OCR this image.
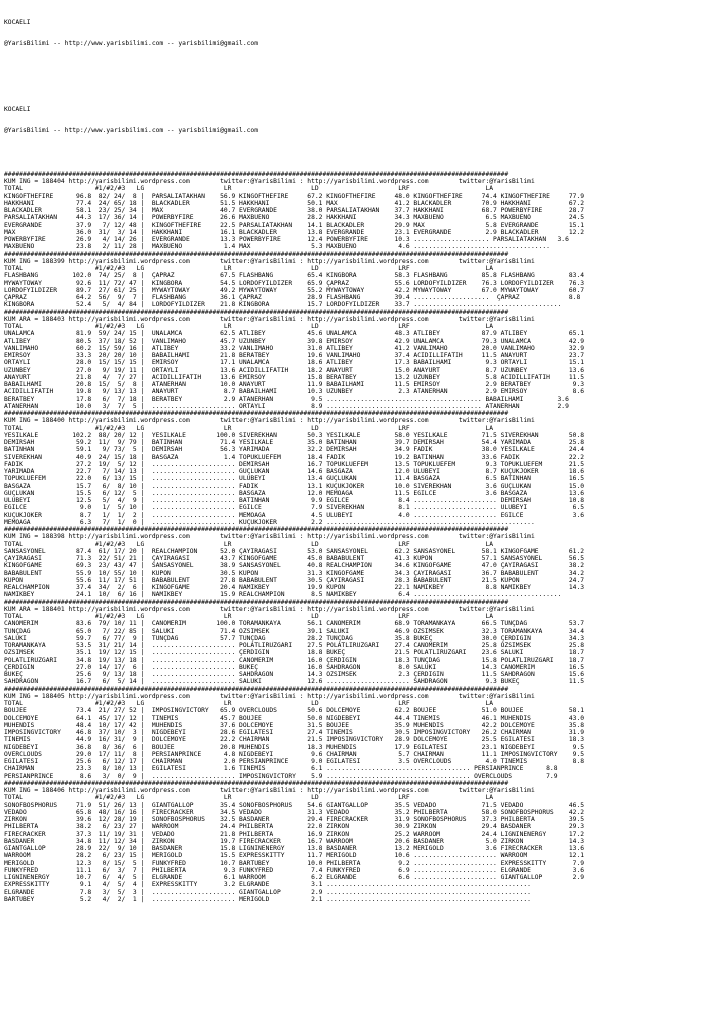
KOCAELI

@YarisBilimi -- http://www.yarisbilimi.com -- yarisbilimi@gmail.com

KOCAELI

@YarisBilimi -- http://www.yarisbilimi.com -- yarisbilimi@gmail.com

#####################################################################################################################################
KUM ING = 188404 http://yarisbilimi.wordpress.com        twitter:@YarisBilimi : http://yarisbilimi.wordpress.com        twitter:@YarisBilimi
TOTAL                   #1/#2/#3   LG                     LR                     LD                     LRF                    LA
KINGOFTHEFIRE      96.8  82/ 24/  8 |  PARSALIATAKHAN    56.9 KINGOFTHEFIRE     67.2 KINGOFTHEFIRE     48.0 KINGOFTHEFIRE     74.4 KINGOFTHEFIRE     77.9
HAKKHANI           77.4  24/ 65/ 18 |  BLACKADLER        51.5 HAKKHANI          50.1 MAX               41.2 BLACKADLER        70.9 HAKKHANI          67.2
BLACKADLER         58.1  23/ 25/ 34 |  MAX               40.7 EVERGRANDE        38.0 PARSALIATAKHAN    37.7 HAKKHANI          68.7 POWERBYFIRE       28.7
PARSALIATAKHAN     44.3  17/ 36/ 14 |  POWERBYFIRE       26.6 MAXBUENO          28.2 HAKKHANI          34.3 MAXBUENO           6.5 MAXBUENO          24.5
EVERGRANDE         37.9   7/ 12/ 48 |  KINGOFTHEFIRE     22.5 PARSALIATAKHAN    14.1 BLACKADLER        29.9 MAX                5.8 EVERGRANDE        15.1
MAX                36.0  31/  3/ 14 |  HAKKHANI          16.1 BLACKADLER        13.8 EVERGRANDE        23.1 EVERGRANDE         2.9 BLACKADLER        12.2
POWERBYFIRE        26.9   4/ 14/ 26 |  EVERGRANDE        13.3 POWERBYFIRE       12.4 POWERBYFIRE       10.3 .................... PARSALIATAKHAN   3.6
MAXBUENO           23.8   2/ 11/ 28 |  MAXBUENO           1.4 MAX                5.3 MAXBUENO           4.6 ....................................
#####################################################################################################################################
KUM ING = 188399 http://yarisbilimi.wordpress.com        twitter:@YarisBilimi : http://yarisbilimi.wordpress.com        twitter:@YarisBilimi
TOTAL                   #1/#2/#3   LG                     LR                     LD                     LRF                    LA
FLASHBANG         102.0  74/ 25/  8 |  ÇAPRAZ            67.5 FLASHBANG         65.4 KINGBORA          58.3 FLASHBANG         85.8 FLASHBANG         83.4
MYWAYTOWAY         92.6  11/ 72/ 47 |  KINGBORA          54.5 LORDOFYILDIZER    65.9 ÇAPRAZ            55.6 LORDOFYILDIZER    76.3 LORDOFYILDIZER    76.3
LORDOFYILDIZER     89.7  27/ 61/ 25 |  MYWAYTOWAY        49.2 MYWAYTOWAY        55.2 MYWAYTOWAY        42.2 MYWAYTOWAY        67.0 MYWAYTOWAY        60.7
ÇAPRAZ             64.2  56/  9/  7 |  FLASHBANG         36.1 ÇAPRAZ            28.9 FLASHBANG         39.4 ....................  ÇAPRAZ             8.8
KINGBORA           52.4   5/  4/ 84 |  LORDOFYILDIZER    21.8 KINGBORA          15.7 LORDOFYILDIZER    33.7 .......................................
#####################################################################################################################################
KUM ARA = 188403 http://yarisbilimi.wordpress.com        twitter:@YarisBilimi : http://yarisbilimi.wordpress.com        twitter:@YarisBilimi
TOTAL                   #1/#2/#3   LG                     LR                     LD                     LRF                    LA
ÜNALAMCA           81.9  59/ 24/ 15 |  ÜNALAMCA          62.5 ATLIBEY           45.6 ÜNALAMCA          48.3 ATLIBEY           87.9 ATLIBEY           65.1
ATLIBEY            80.5  37/ 18/ 52 |  VANLIMAHO         45.7 UZUNBEY           39.8 EMIRSOY           42.9 ÜNALAMCA          79.3 ÜNALAMCA          42.9
VANLIMAHO          60.2  15/ 59/ 16 |  ATLIBEY           33.2 VANLIMAHO         31.0 ATLIBEY           41.2 VANLIMAHO         20.0 VANLIMAHO         32.9
EMIRSOY            33.3  20/ 20/ 10 |  BABAILHAMI        21.8 BERATBEY          19.6 VANLIMAHO         37.4 ACIDILLIFATIH     11.5 ANAYURT           23.7
ORTAYLI            28.0  15/ 15/ 15 |  EMIRSOY           17.1 ÜNALAMCA          18.6 ATLIBEY           17.3 BABAILHAMI         9.3 ORTAYLI           15.1
UZUNBEY            27.0   9/ 19/ 11 |  ORTAYLI           13.6 ACIDILLIFATIH     18.2 ANAYURT           15.0 ANAYURT            8.7 UZUNBEY           13.6
ANAYURT            21.8   4/  7/ 27 |  ACIDILLIFATIH     13.6 EMIRSOY           15.8 BERATBEY          13.2 UZUNBEY            5.8 ACIDILLIFATIH     11.5
BABAILHAMI         20.8  15/  5/  8 |  ATANERHAN         10.0 ANAYURT           11.9 BABAILHAMI        11.5 EMIRSOY            2.9 BERATBEY           9.3
ACIDILLIFATIH      19.8   9/ 13/ 13 |  ANAYURT            8.7 BABAILHAMI        10.3 UZUNBEY            2.3 ATANERHAN          2.9 EMIRSOY            8.6
BERATBEY           17.8   6/  7/ 18 |  BERATBEY           2.9 ATANERHAN          9.5 ......................................... BABAILHAMI         3.6
ATANERHAN          10.0   3/  7/  5 |  ...................... ORTAYLI            8.9 ......................................... ATANERHAN          2.9
#####################################################################################################################################
KUM ING = 188400 http://yarisbilimi.wordpress.com        twitter:@YarisBilimi : http://yarisbilimi.wordpress.com        twitter:@YarisBilimi
TOTAL                   #1/#2/#3   LG                     LR                     LD                     LRF                    LA
YESILKALE         102.2  88/ 20/ 12 |  YESILKALE        100.0 SIVEREKHAN        50.3 YESILKALE         58.0 YESILKALE         71.5 SIVEREKHAN        50.8
DEMIRSAH           59.2  11/  9/ 79 |  BATINHAN          71.4 YESILKALE         35.0 BATINHAN          39.7 DEMIRSAH          54.4 YARIMADA          25.8
BATINHAN           59.1   9/ 73/  5 |  DEMIRSAH          56.3 YARIMADA          32.2 DEMIRSAH          34.9 FADIK             38.0 YESILKALE         24.4
SIVEREKHAN         40.9  24/ 15/ 18 |  BASGAZA            1.4 TOPUKLUEFEM       18.4 FADIK             19.2 BATINHAN          33.6 FADIK             22.2
FADIK              27.2  19/  5/ 12 |  ...................... DEMIRSAH          16.7 TOPUKLUEFEM       13.5 TOPUKLUEFEM        9.3 TOPUKLUEFEM       21.5
YARIMADA           22.7   7/ 14/ 13 |  ...................... GÜÇLÜKAN          14.6 BASGAZA           12.0 ULUBEYI            8.7 KÜÇÜKJOKER        18.6
TOPUKLUEFEM        22.0   6/ 13/ 15 |  ...................... ULUBEYI           13.4 GÜÇLÜKAN          11.4 BASGAZA            6.5 BATINHAN          16.5
BASGAZA            15.7   6/  8/ 10 |  ...................... FADIK             13.1 KÜÇÜKJOKER        10.0 SIVEREKHAN         3.6 GÜÇLÜKAN          15.0
GÜÇLÜKAN           15.5   6/ 12/  5 |  ...................... BASGAZA           12.0 MEMOAGA           11.5 EGILCE             3.6 BASGAZA           13.6
ULUBEYI            12.5   5/  4/  9 |  ...................... BATINHAN           9.9 EGILCE             8.4 ...................... DEMIRSAH          10.8
EGILCE              9.0   1/  5/ 10 |  ...................... EGILCE             7.9 SIVEREKHAN         8.1 ...................... ULUBEYI            6.5
KÜÇÜKJOKER          8.7   1/  1/  2 |  ...................... MEMOAGA            4.5 ULUBEYI            4.0 ...................... EGILCE             3.6
MEMOAGA             6.3   7/  1/  0 |  ...................... KÜÇÜKJOKER         2.2 .......................................................
#####################################################################################################################################
KUM ING = 188398 http://yarisbilimi.wordpress.com        twitter:@YarisBilimi : http://yarisbilimi.wordpress.com        twitter:@YarisBilimi
TOTAL                   #1/#2/#3   LG                     LR                     LD                     LRF                    LA
SANSASYONEL        87.4  61/ 17/ 20 |  REALCHAMPION      52.0 ÇAYIRAGASI        53.0 SANSASYONEL       62.2 SANSASYONEL       58.1 KINGOFGAME        61.2
ÇAYIRAGASI         71.3  22/ 51/ 21 |  ÇAYIRAGASI        43.7 KINGOFGAME        45.0 BABABÜLENT        41.3 KUPON             57.1 SANSASYONEL       56.5
KINGOFGAME         69.3  23/ 43/ 47 |  SANSASYONEL       38.9 SANSASYONEL       40.8 REALCHAMPION      34.6 KINGOFGAME        47.0 ÇAYIRAGASI        38.2
BABABÜLENT         55.9  10/ 55/ 10 |  KUPON             30.5 KUPON             31.3 KINGOFGAME        34.3 ÇAYIRAGASI        36.7 BABABÜLENT        34.2
KUPON              55.6  11/ 17/ 51 |  BABABÜLENT        27.8 BABABÜLENT        30.5 ÇAYIRAGASI        28.3 BABABÜLENT        21.5 KUPON             24.7
REALCHAMPION       37.4  34/  2/  6 |  KINGOFGAME        20.4 NAMIKBEY          19.9 KUPON             22.1 NAMIKBEY           8.8 NAMIKBEY          14.3
NAMIKBEY           24.1  10/  6/ 16 |  NAMIKBEY          15.9 REALCHAMPION       8.5 NAMIKBEY           6.4 .......................................
#####################################################################################################################################
KUM ARA = 188401 http://yarisbilimi.wordpress.com        twitter:@YarisBilimi : http://yarisbilimi.wordpress.com        twitter:@YarisBilimi
TOTAL                   #1/#2/#3   LG                     LR                     LD                     LRF                    LA
CANOMERIM          83.6  79/ 10/ 11 |  CANOMERIM        100.0 TORAMANKAYA       56.1 CANOMERIM         68.9 TORAMANKAYA       66.5 TUNÇDAG           53.7
TUNÇDAG            65.0   7/ 22/ 85 |  SALUKI            71.4 ÖZSIMSEK          39.1 SALUKI            46.9 ÖZSIMSEK          32.3 TORAMANKAYA       34.4
SALUKI             59.7   6/ 77/  9 |  TUNÇDAG           57.7 TUNÇDAG           28.2 TUNÇDAG           35.8 BÜKEÇ             30.0 ÇERDIGIN          34.3
TORAMANKAYA        53.5  31/ 21/ 14 |  ...................... POLATLIRÜZGARI    27.5 POLATLIRÜZGARI    27.4 CANOMERIM         25.8 ÖZSIMSEK          25.8
ÖZSIMSEK           35.1  19/ 12/ 15 |  ...................... ÇERDIGIN          18.8 BÜKEÇ             21.5 POLATLIRÜZGARI    23.6 SALUKI            18.7
POLATLIRÜZGARI     34.8  19/ 13/ 18 |  ...................... CANOMERIM         16.0 ÇERDIGIN          18.3 TUNÇDAG           15.8 POLATLIRÜZGARI    18.7
ÇERDIGIN           27.0  14/ 17/  6 |  ...................... BÜKEÇ             16.0 SAHDRAGON          8.0 SALUKI            14.3 CANOMERIM         16.5
BÜKEÇ              25.6   9/ 13/ 18 |  ...................... SAHDRAGON         14.3 ÖZSIMSEK           2.3 ÇERDIGIN          11.5 SAHDRAGON         15.6
SAHDRAGON          16.7   6/  5/ 14 |  ...................... SALUKI            12.6 ...................... SAHDRAGON          9.3 BÜKEÇ             11.5
#####################################################################################################################################
KUM ING = 188405 http://yarisbilimi.wordpress.com        twitter:@YarisBilimi : http://yarisbilimi.wordpress.com        twitter:@YarisBilimi
TOTAL                   #1/#2/#3   LG                     LR                     LD                     LRF                    LA
BOUJEE             73.4  21/ 27/ 52 |  IMPOSINGVICTORY   65.9 OVERCLOUDS        50.6 DOLCEMOYE         62.2 BOUJEE            51.0 BOUJEE            58.1
DOLCEMOYE          64.1  45/ 17/ 12 |  TINEMIS           45.7 BOUJEE            50.0 NIGDEBEYI         44.4 TINEMIS           46.1 MÜHENDIS          43.0
MÜHENDIS           48.4  10/ 17/ 42 |  MÜHENDIS          37.6 DOLCEMOYE         31.5 BOUJEE            35.9 MÜHENDIS          42.2 DOLCEMOYE         35.8
IMPOSINGVICTORY    46.8  37/ 10/  3 |  NIGDEBEYI         28.6 EGILATESI         27.4 TINEMIS           30.5 IMPOSINGVICTORY   26.2 CHAIRMAN          31.9
TINEMIS            44.9  16/ 31/  9 |  DOLCEMOYE         22.2 CHAIRMAN          21.5 IMPOSINGVICTORY   28.9 DOLCEMOYE         25.5 EGILATESI         18.3
NIGDEBEYI          36.8   8/ 36/  6 |  BOUJEE            20.8 MÜHENDIS          18.3 MÜHENDIS          17.9 EGILATESI         23.1 NIGDEBEYI          9.5
OVERCLOUDS         29.0  17/ 11/  8 |  PERSIANPRINCE      4.8 NIGDEBEYI          9.6 CHAIRMAN           5.7 CHAIRMAN          11.1 IMPOSINGVICTORY    9.5
EGILATESI          25.6   6/ 12/ 17 |  CHAIRMAN           2.0 PERSIANPRINCE      9.0 EGILATESI          3.5 OVERCLOUDS         4.0 TINEMIS            8.8
CHAIRMAN           23.3   8/ 10/ 13 |  EGILATESI          1.6 TINEMIS            6.1 ...................................... PERSIANPRINCE      8.8
PERSIANPRINCE       8.6   3/  0/  9 |  ...................... IMPOSINGVICTORY    5.9 ...................................... OVERCLOUDS         7.9
#####################################################################################################################################
KUM ING = 188406 http://yarisbilimi.wordpress.com        twitter:@YarisBilimi : http://yarisbilimi.wordpress.com        twitter:@YarisBilimi
TOTAL                   #1/#2/#3   LG                     LR                     LD                     LRF                    LA
SONOFBOSPHORUS     71.9  51/ 26/ 13 |  GIANTGALLOP       35.4 SONOFBOSPHORUS    54.6 GIANTGALLOP       35.5 VEDADO            71.5 VEDADO            46.5
VEDADO             65.8  48/ 16/ 16 |  FIRECRACKER       34.5 VEDADO            31.3 VEDADO            35.2 PHILBERTA         58.0 SONOFBOSPHORUS    42.2
ZIRKON             39.6  12/ 28/ 19 |  SONOFBOSPHORUS    32.5 BASDANER          29.4 FIRECRACKER       31.9 SONOFBOSPHORUS    37.3 PHILBERTA         39.5
PHILBERTA          38.2   6/ 23/ 27 |  WARROOM           24.4 PHILBERTA         22.0 ZIRKON            30.9 ZIRKON            29.4 BASDANER          29.3
FIRECRACKER        37.3  11/ 19/ 31 |  VEDADO            21.8 PHILBERTA         16.9 ZIRKON            25.2 WARROOM           24.4 LIGNINENERGY      17.2
BASDANER           34.8  11/ 12/ 34 |  ZIRKON            19.7 FIRECRACKER       16.7 WARROOM           20.6 BASDANER           5.0 ZIRKON            14.3
GIANTGALLOP        28.9  22/  9/ 10 |  BASDANER          15.8 LIGNINENERGY      13.8 BASDANER          13.2 MERIGOLD           3.6 FIRECRACKER       13.6
WARROOM            28.2   6/ 23/ 15 |  MERIGOLD          15.5 EXPRESSKITTY      11.7 MERIGOLD          10.6 ...................... WARROOM           12.1
MERIGOLD           12.3   0/ 15/  5 |  FUNKYFRED         10.7 BARTUBEY          10.0 PHILBERTA          9.2 ...................... EXPRESSKITTY       7.9
FUNKYFRED          11.1   6/  3/  7 |  PHILBERTA          9.3 FUNKYFRED          7.4 FUNKYFRED          6.9 ...................... ELGRANDE           3.6
LIGNINENERGY       10.7   6/  4/  5 |  ELGRANDE           6.1 WARROOM            6.2 ELGRANDE           6.6 ...................... GIANTGALLOP        2.9
EXPRESSKITTY        9.1   4/  5/  4 |  EXPRESSKITTY       3.2 ELGRANDE           3.1 ......................................................
ELGRANDE            7.8   3/  5/  3 |  ...................... GIANTGALLOP        2.9 ......................................................
BARTUBEY            5.2   4/  2/  1 |  ...................... MERIGOLD           2.1 ......................................................
